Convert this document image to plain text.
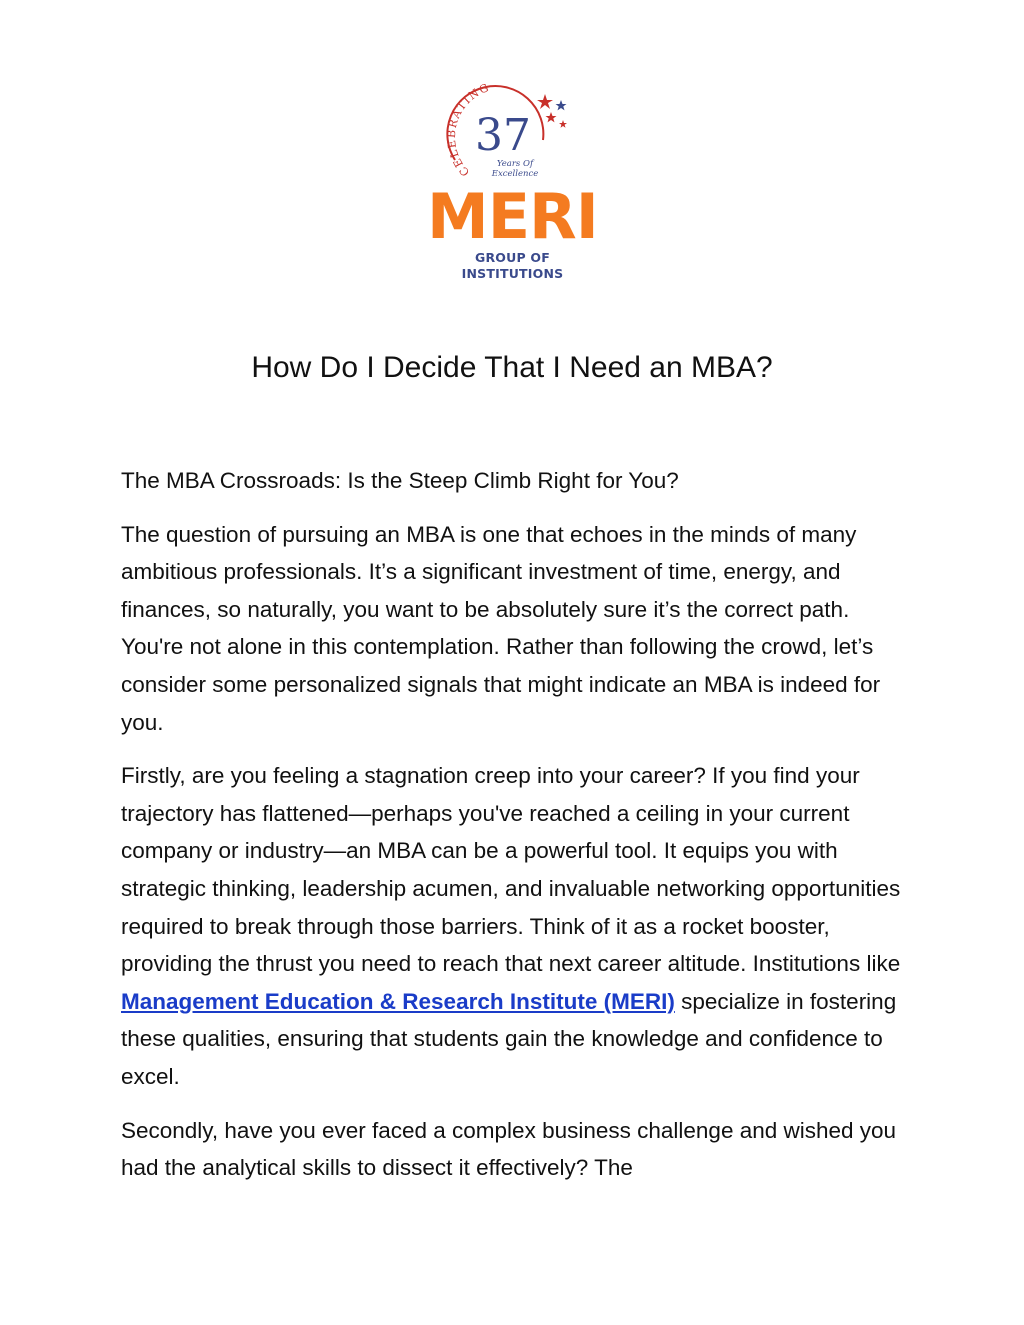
CELEBRATING
37
Years Of
Excellence
MERI
GROUP OF INSTITUTIONS
How Do I Decide That I Need an MBA?

The MBA Crossroads: Is the Steep Climb Right for You?

The question of pursuing an MBA is one that echoes in the minds of many ambitious professionals. It’s a significant investment of time, energy, and finances, so naturally, you want to be absolutely sure it’s the correct path. You're not alone in this contemplation. Rather than following the crowd, let’s consider some personalized signals that might indicate an MBA is indeed for you.

Firstly, are you feeling a stagnation creep into your career? If you find your trajectory has flattened—perhaps you've reached a ceiling in your current company or industry—an MBA can be a powerful tool. It equips you with strategic thinking, leadership acumen, and invaluable networking opportunities required to break through those barriers. Think of it as a rocket booster, providing the thrust you need to reach that next career altitude. Institutions like Management Education & Research Institute (MERI) specialize in fostering these qualities, ensuring that students gain the knowledge and confidence to excel.

Secondly, have you ever faced a complex business challenge and wished you had the analytical skills to dissect it effectively? The
